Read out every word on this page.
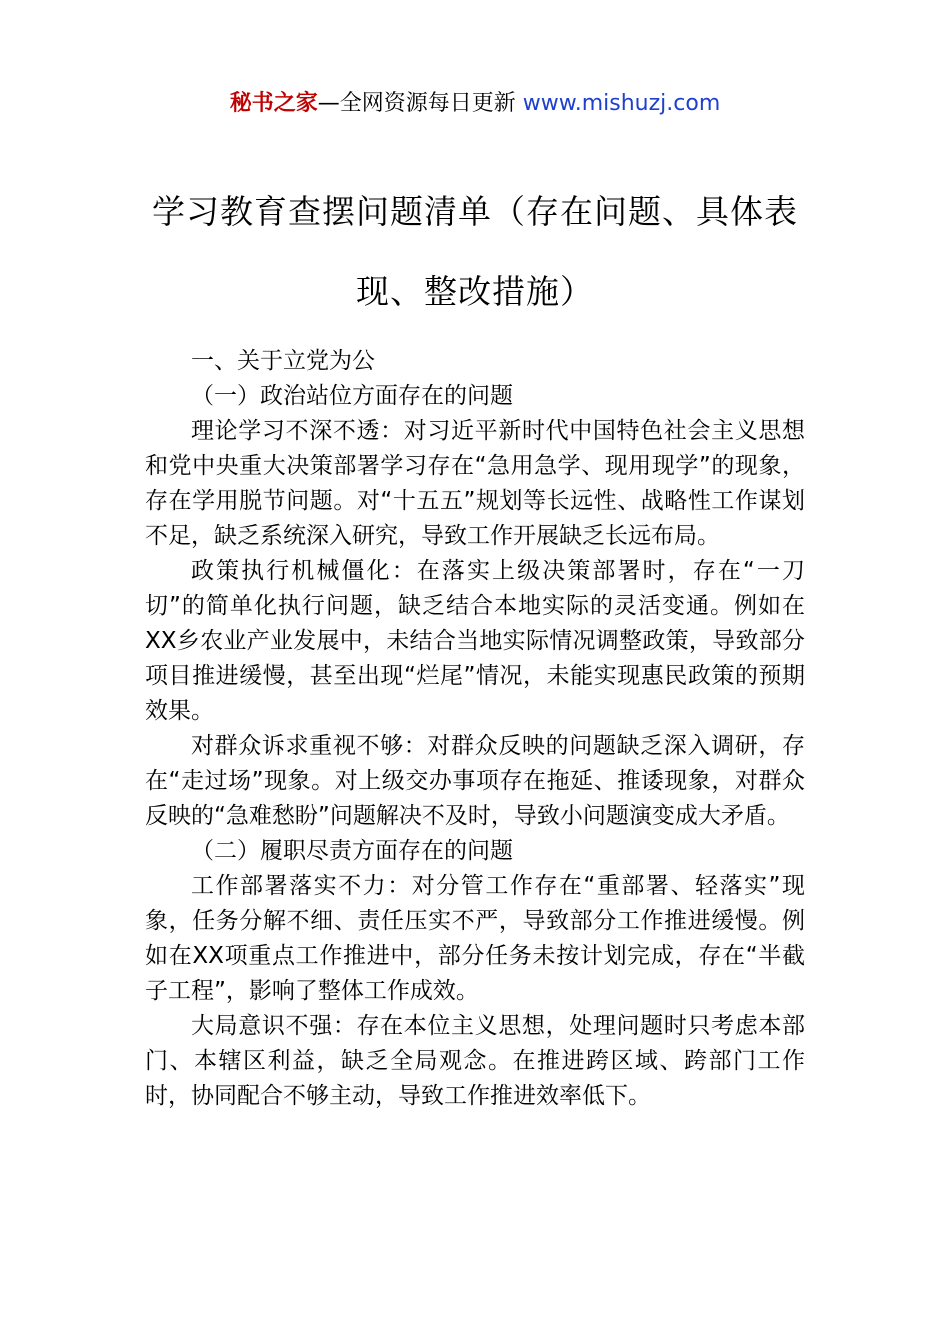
秘书之家—全网资源每日更新 www.mishuzj.com
学习教育查摆问题清单（存在问题、具体表现、整改措施）

一、关于立党为公

（一）政治站位方面存在的问题

理论学习不深不透：对习近平新时代中国特色社会主义思想和党中央重大决策部署学习存在“急用急学、现用现学”的现象，存在学用脱节问题。对“十五五”规划等长远性、战略性工作谋划不足，缺乏系统深入研究，导致工作开展缺乏长远布局。

政策执行机械僵化：在落实上级决策部署时，存在“一刀切”的简单化执行问题，缺乏结合本地实际的灵活变通。例如在XX乡农业产业发展中，未结合当地实际情况调整政策，导致部分项目推进缓慢，甚至出现“烂尾”情况，未能实现惠民政策的预期效果。

对群众诉求重视不够：对群众反映的问题缺乏深入调研，存在“走过场”现象。对上级交办事项存在拖延、推诿现象，对群众反映的“急难愁盼”问题解决不及时，导致小问题演变成大矛盾。

（二）履职尽责方面存在的问题

工作部署落实不力：对分管工作存在“重部署、轻落实”现象，任务分解不细、责任压实不严，导致部分工作推进缓慢。例如在XX项重点工作推进中，部分任务未按计划完成，存在“半截子工程”，影响了整体工作成效。

大局意识不强：存在本位主义思想，处理问题时只考虑本部门、本辖区利益，缺乏全局观念。在推进跨区域、跨部门工作时，协同配合不够主动，导致工作推进效率低下。
